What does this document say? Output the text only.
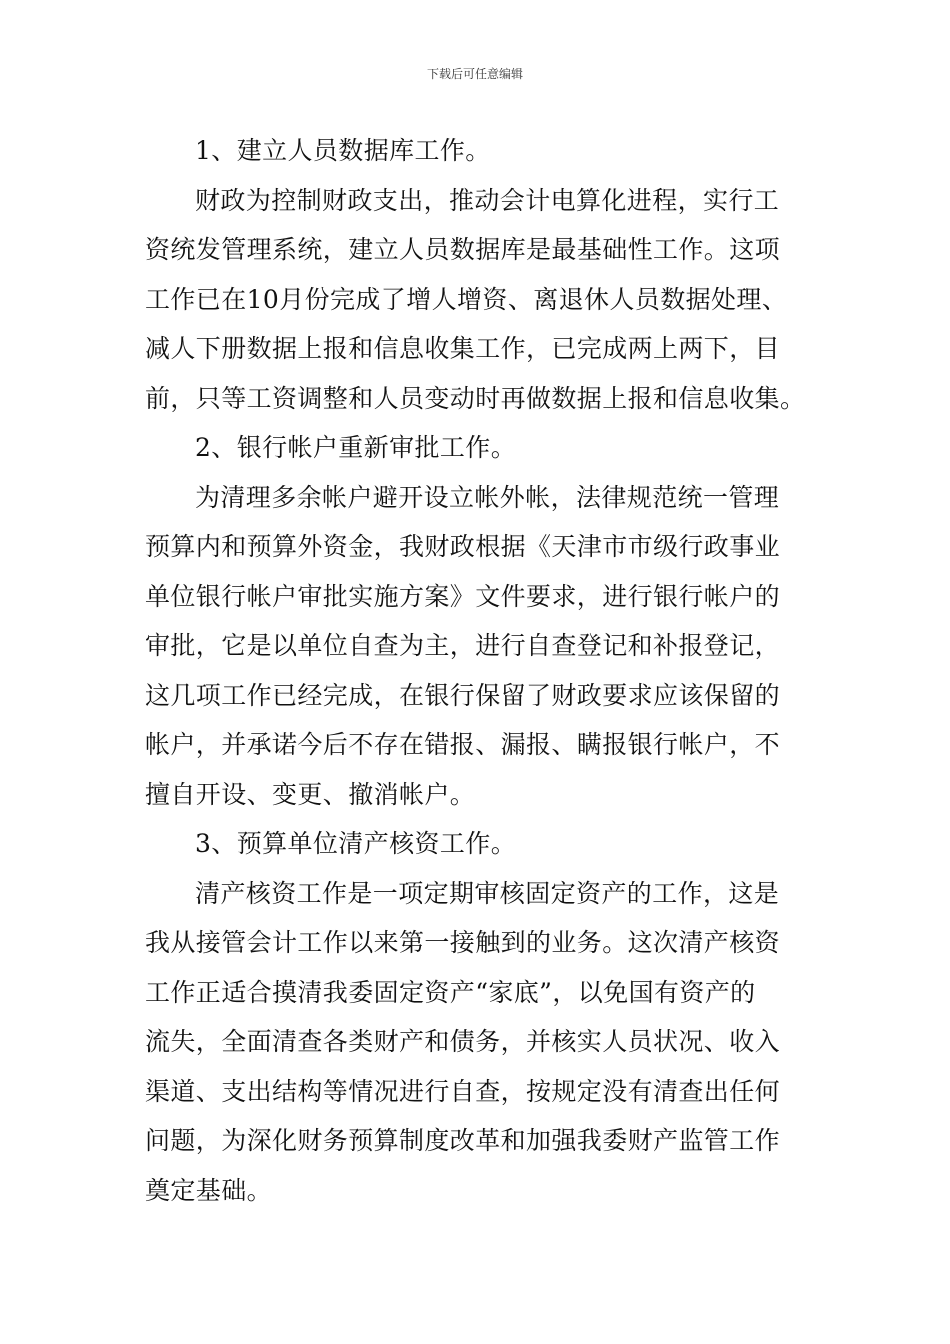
下载后可任意编辑
1、建立人员数据库工作。
财政为控制财政支出，推动会计电算化进程，实行工
资统发管理系统，建立人员数据库是最基础性工作。这项
工作已在10月份完成了增人增资、离退休人员数据处理、
减人下册数据上报和信息收集工作，已完成两上两下，目
前，只等工资调整和人员变动时再做数据上报和信息收集。
2、银行帐户重新审批工作。
为清理多余帐户避开设立帐外帐，法律规范统一管理
预算内和预算外资金，我财政根据《天津市市级行政事业
单位银行帐户审批实施方案》文件要求，进行银行帐户的
审批，它是以单位自查为主，进行自查登记和补报登记，
这几项工作已经完成，在银行保留了财政要求应该保留的
帐户，并承诺今后不存在错报、漏报、瞒报银行帐户，不
擅自开设、变更、撤消帐户。
3、预算单位清产核资工作。
清产核资工作是一项定期审核固定资产的工作，这是
我从接管会计工作以来第一接触到的业务。这次清产核资
工作正适合摸清我委固定资产“家底”，以免国有资产的
流失，全面清查各类财产和债务，并核实人员状况、收入
渠道、支出结构等情况进行自查，按规定没有清查出任何
问题，为深化财务预算制度改革和加强我委财产监管工作
奠定基础。
